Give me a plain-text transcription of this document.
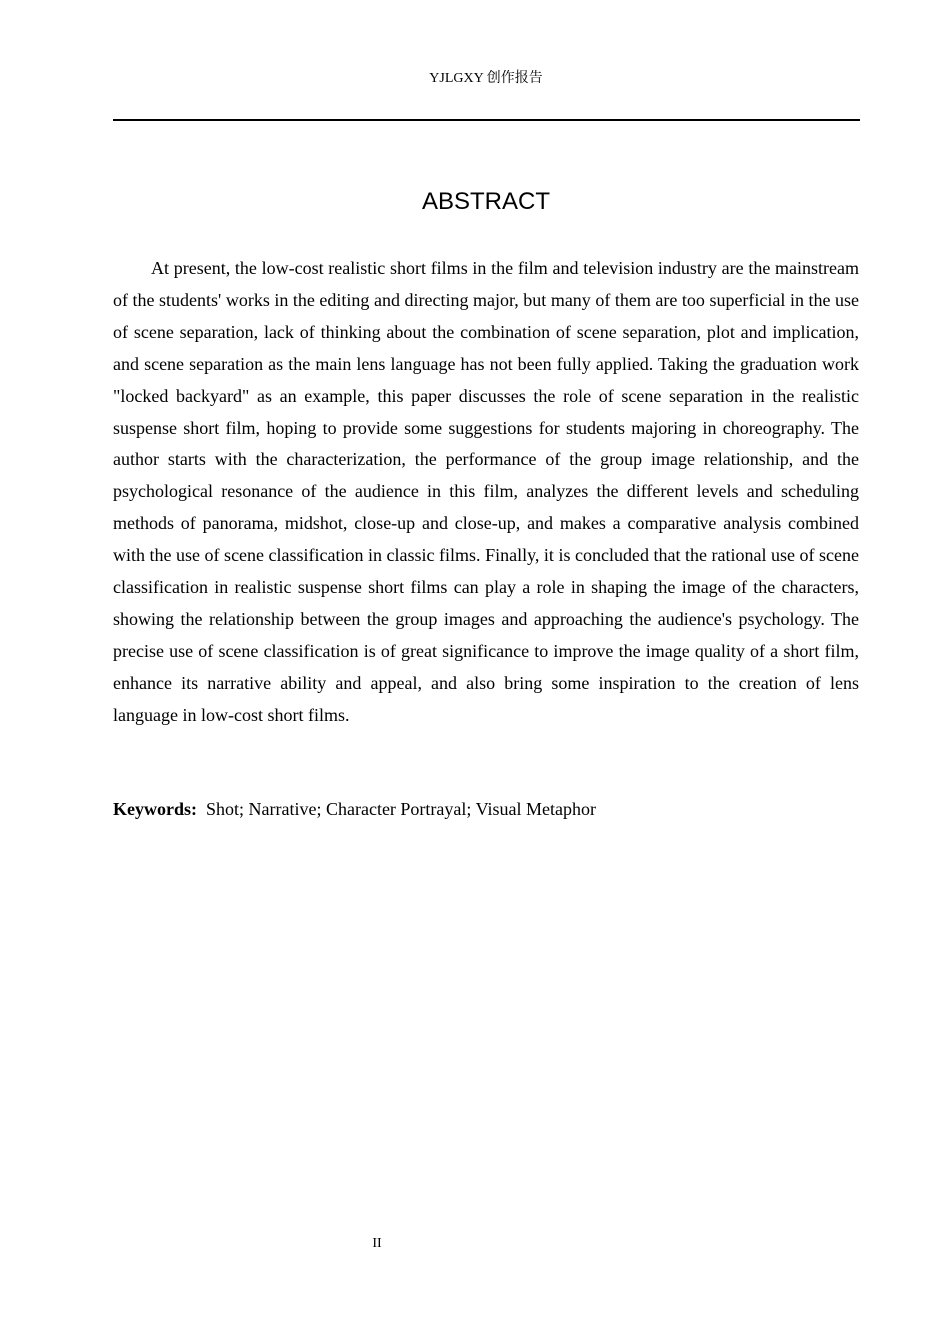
YJLGXY 创作报告
ABSTRACT

At present, the low-cost realistic short films in the film and television industry are the mainstream of the students' works in the editing and directing major, but many of them are too superficial in the use of scene separation, lack of thinking about the combination of scene separation, plot and implication, and scene separation as the main lens language has not been fully applied. Taking the graduation work "locked backyard" as an example, this paper discusses the role of scene separation in the realistic suspense short film, hoping to provide some suggestions for students majoring in choreography. The author starts with the characterization, the performance of the group image relationship, and the psychological resonance of the audience in this film, analyzes the different levels and scheduling methods of panorama, midshot, close-up and close-up, and makes a comparative analysis combined with the use of scene classification in classic films. Finally, it is concluded that the rational use of scene classification in realistic suspense short films can play a role in shaping the image of the characters, showing the relationship between the group images and approaching the audience's psychology. The precise use of scene classification is of great significance to improve the image quality of a short film, enhance its narrative ability and appeal, and also bring some inspiration to the creation of lens language in low-cost short films.

Keywords: Shot; Narrative; Character Portrayal; Visual Metaphor
II
